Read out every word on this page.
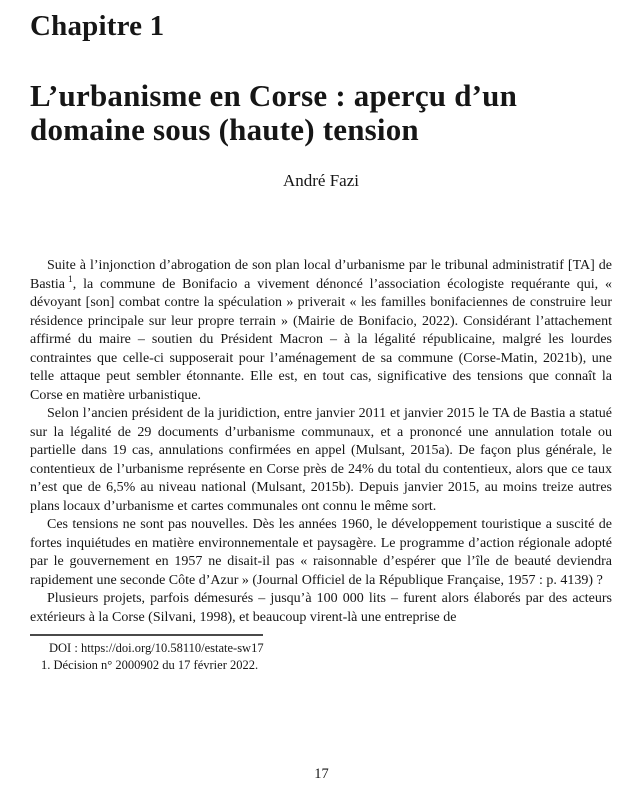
Chapitre 1
L’urbanisme en Corse : aperçu d’un
domaine sous (haute) tension
André Fazi

Suite à l’injonction d’abrogation de son plan local d’urbanisme par le tribunal administratif [TA] de Bastia $^1$, la commune de Bonifacio a vivement dénoncé l’association écologiste requérante qui, « dévoyant [son] combat contre la spéculation » priverait « les familles bonifaciennes de construire leur résidence principale sur leur propre terrain » (Mairie de Bonifacio, 2022). Considérant l’attachement affirmé du maire – soutien du Président Macron – à la légalité républicaine, malgré les lourdes contraintes que celle-ci supposerait pour l’aménagement de sa commune (Corse-Matin, 2021b), une telle attaque peut sembler étonnante. Elle est, en tout cas, significative des tensions que connaît la Corse en matière urbanistique.

Selon l’ancien président de la juridiction, entre janvier 2011 et janvier 2015 le TA de Bastia a statué sur la légalité de 29 documents d’urbanisme communaux, et a prononcé une annulation totale ou partielle dans 19 cas, annulations confirmées en appel (Mulsant, 2015a). De façon plus générale, le contentieux de l’urbanisme représente en Corse près de 24% du total du contentieux, alors que ce taux n’est que de 6,5% au niveau national (Mulsant, 2015b). Depuis janvier 2015, au moins treize autres plans locaux d’urbanisme et cartes communales ont connu le même sort.

Ces tensions ne sont pas nouvelles. Dès les années 1960, le développement touristique a suscité de fortes inquiétudes en matière environnementale et paysagère. Le programme d’action régionale adopté par le gouvernement en 1957 ne disait-il pas « raisonnable d’espérer que l’île de beauté deviendra rapidement une seconde Côte d’Azur » (Journal Officiel de la République Française, 1957 : p. 4139) ?

Plusieurs projets, parfois démesurés – jusqu’à 100 000 lits – furent alors élaborés par des acteurs extérieurs à la Corse (Silvani, 1998), et beaucoup virent-là une entreprise de

DOI : https://doi.org/10.58110/estate-sw17
1. Décision n° 2000902 du 17 février 2022.
17
